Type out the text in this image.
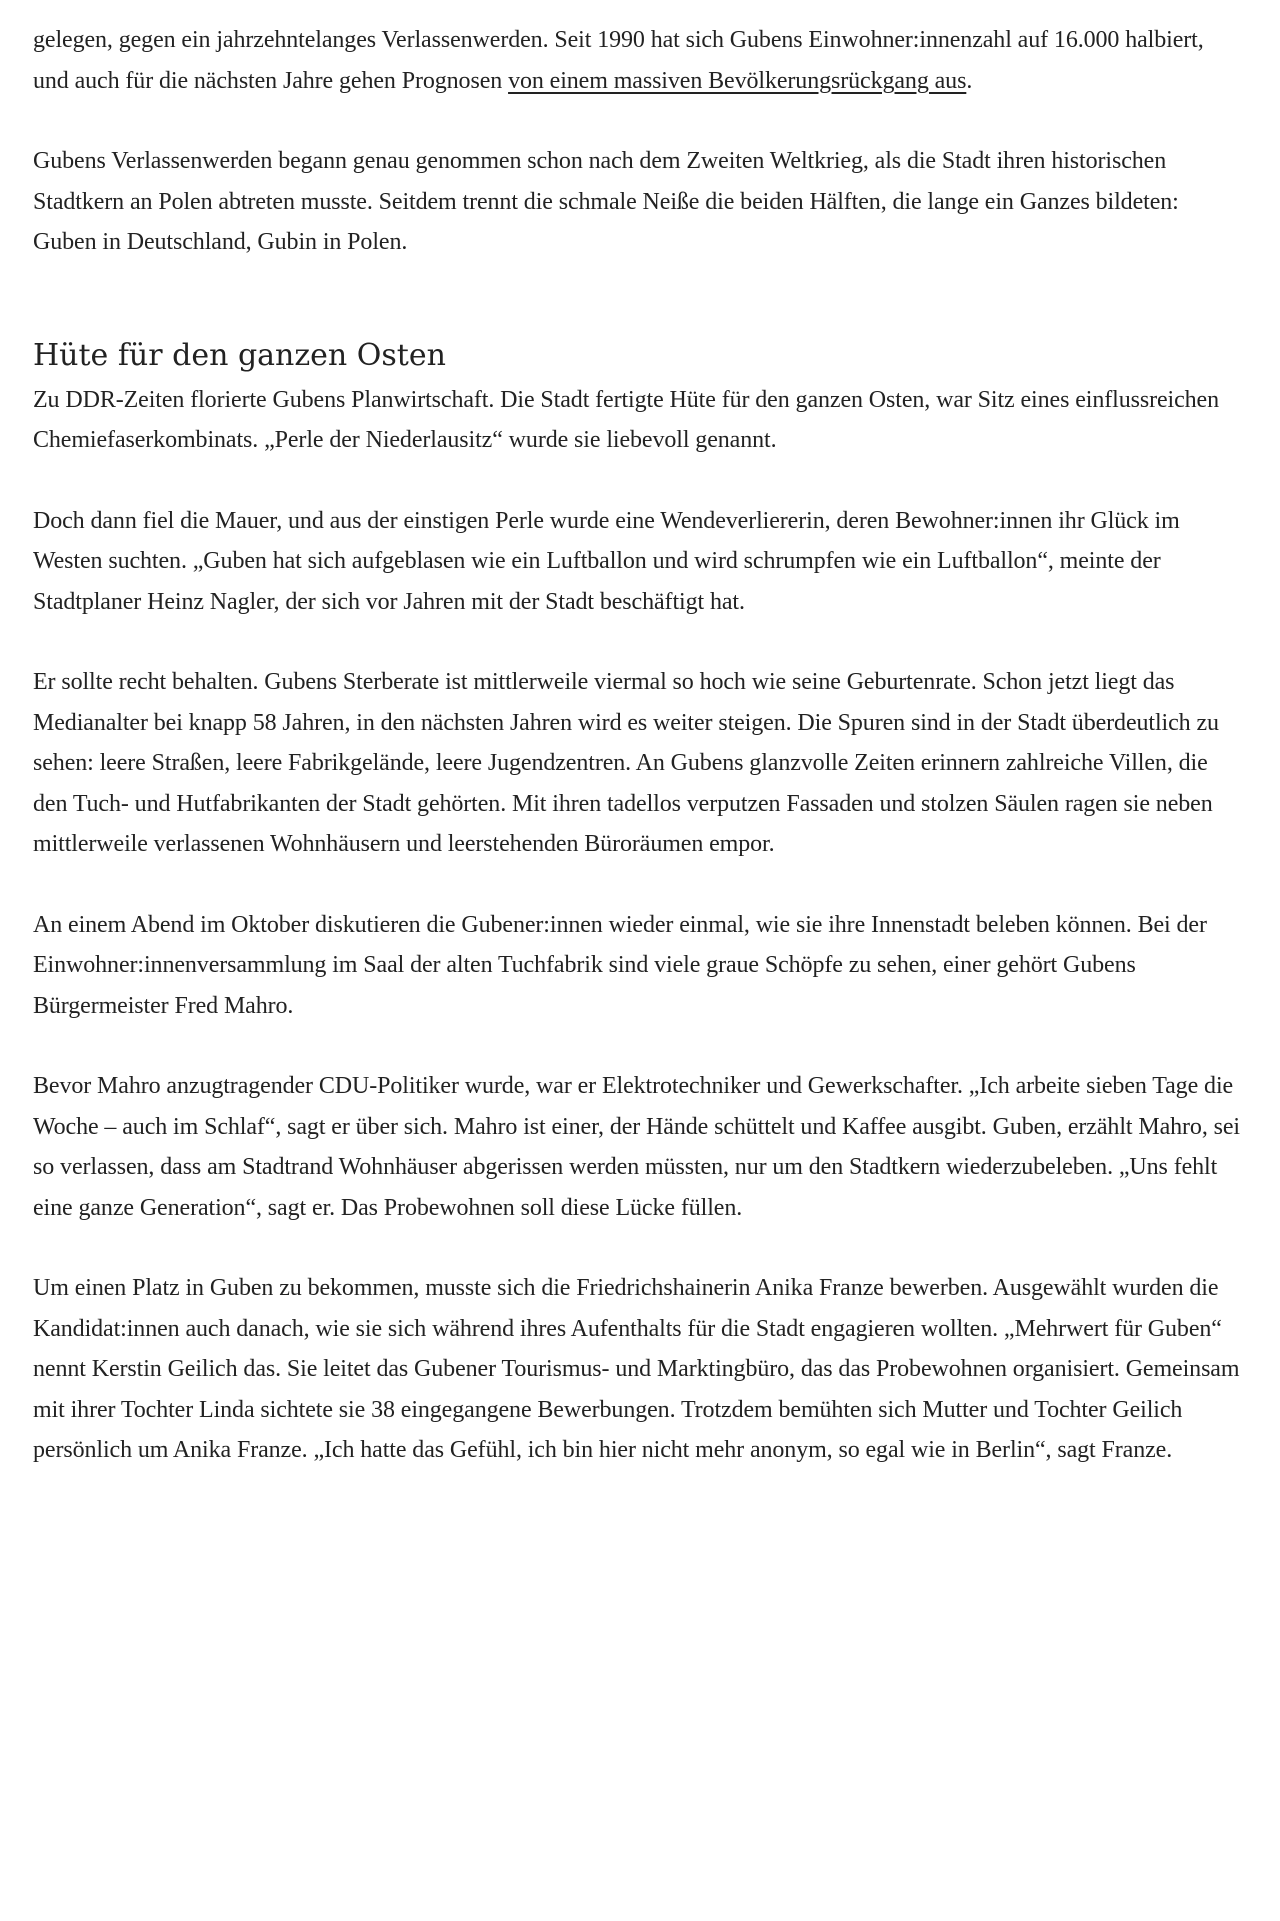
gelegen, gegen ein jahrzehntelanges Verlassenwerden. Seit 1990 hat sich Gubens Einwohner:innenzahl auf 16.000 halbiert, und auch für die nächsten Jahre gehen Prognosen von einem massiven Bevölkerungsrückgang aus.

Gubens Verlassenwerden begann genau genommen schon nach dem Zweiten Weltkrieg, als die Stadt ihren historischen Stadtkern an Polen abtreten musste. Seitdem trennt die schmale Neiße die beiden Hälften, die lange ein Ganzes bildeten: Guben in Deutschland, Gubin in Polen.

Hüte für den ganzen Osten

Zu DDR-Zeiten florierte Gubens Planwirtschaft. Die Stadt fertigte Hüte für den ganzen Osten, war Sitz eines einflussreichen Chemiefaserkombinats. „Perle der Niederlausitz“ wurde sie liebevoll genannt.

Doch dann fiel die Mauer, und aus der einstigen Perle wurde eine Wendeverliererin, deren Bewohner:innen ihr Glück im Westen suchten. „Guben hat sich aufgeblasen wie ein Luftballon und wird schrumpfen wie ein Luftballon“, meinte der Stadtplaner Heinz Nagler, der sich vor Jahren mit der Stadt beschäftigt hat.

Er sollte recht behalten. Gubens Sterberate ist mittlerweile viermal so hoch wie seine Geburtenrate. Schon jetzt liegt das Medianalter bei knapp 58 Jahren, in den nächsten Jahren wird es weiter steigen. Die Spuren sind in der Stadt überdeutlich zu sehen: leere Straßen, leere Fabrikgelände, leere Jugendzentren. An Gubens glanzvolle Zeiten erinnern zahlreiche Villen, die den Tuch- und Hutfabrikanten der Stadt gehörten. Mit ihren tadellos verputzen Fassaden und stolzen Säulen ragen sie neben mittlerweile verlassenen Wohnhäusern und leerstehenden Büroräumen empor.

An einem Abend im Oktober diskutieren die Gubener:innen wieder einmal, wie sie ihre Innenstadt beleben können. Bei der Einwohner:innenversammlung im Saal der alten Tuchfabrik sind viele graue Schöpfe zu sehen, einer gehört Gubens Bürgermeister Fred Mahro.

Bevor Mahro anzugtragender CDU-Politiker wurde, war er Elektrotechniker und Gewerkschafter. „Ich arbeite sieben Tage die Woche – auch im Schlaf“, sagt er über sich. Mahro ist einer, der Hände schüttelt und Kaffee ausgibt. Guben, erzählt Mahro, sei so verlassen, dass am Stadtrand Wohnhäuser abgerissen werden müssten, nur um den Stadtkern wiederzubeleben. „Uns fehlt eine ganze Generation“, sagt er. Das Probewohnen soll diese Lücke füllen.

Um einen Platz in Guben zu bekommen, musste sich die Friedrichshainerin Anika Franze bewerben. Ausgewählt wurden die Kandidat:innen auch danach, wie sie sich während ihres Aufenthalts für die Stadt engagieren wollten. „Mehrwert für Guben“ nennt Kerstin Geilich das. Sie leitet das Gubener Tourismus- und Marktingbüro, das das Probewohnen organisiert. Gemeinsam mit ihrer Tochter Linda sichtete sie 38 eingegangene Bewerbungen. Trotzdem bemühten sich Mutter und Tochter Geilich persönlich um Anika Franze. „Ich hatte das Gefühl, ich bin hier nicht mehr anonym, so egal wie in Berlin“, sagt Franze.
